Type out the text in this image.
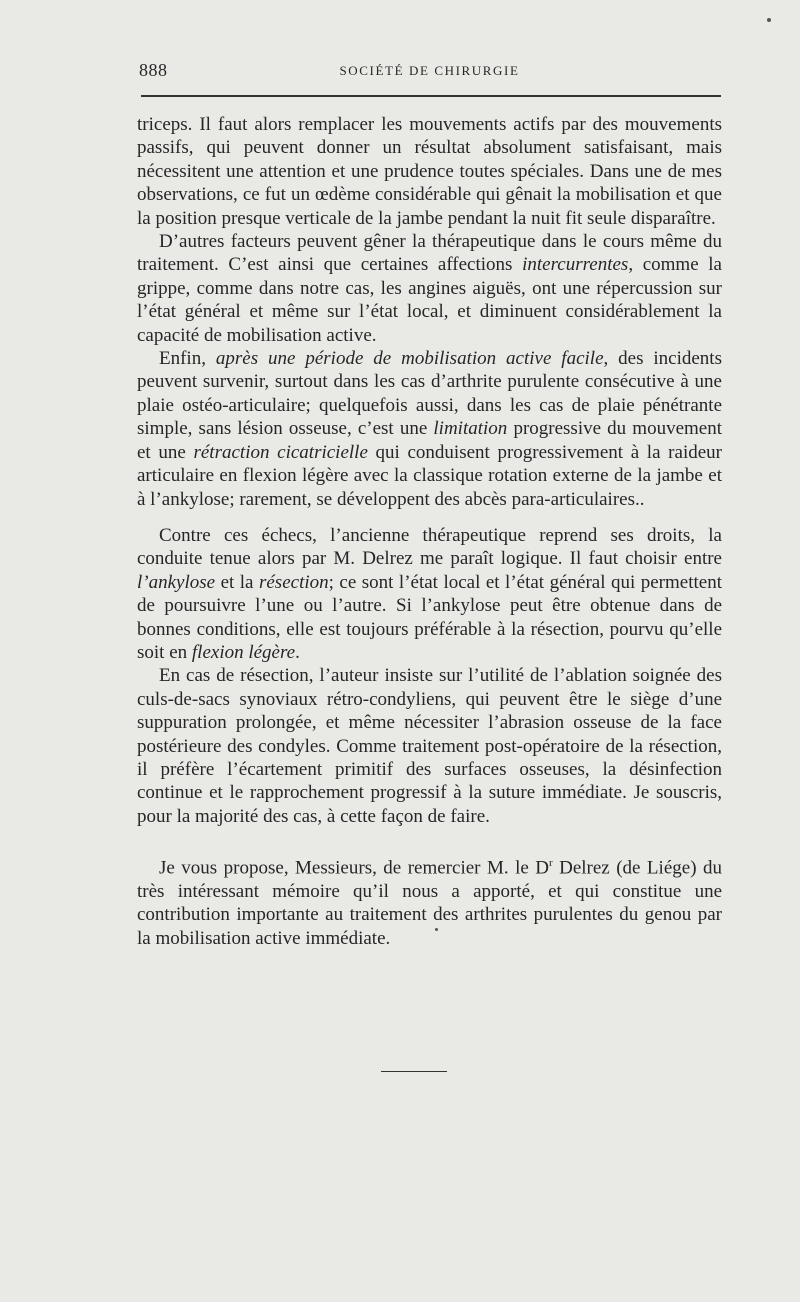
888	SOCIÉTÉ DE CHIRURGIE

triceps. Il faut alors remplacer les mouvements actifs par des mouvements passifs, qui peuvent donner un résultat absolument satisfaisant, mais nécessitent une attention et une prudence toutes spéciales. Dans une de mes observations, ce fut un œdème considérable qui gênait la mobilisation et que la position presque verticale de la jambe pendant la nuit fit seule disparaître.

D’autres facteurs peuvent gêner la thérapeutique dans le cours même du traitement. C’est ainsi que certaines affections intercurrentes, comme la grippe, comme dans notre cas, les angines aiguës, ont une répercussion sur l’état général et même sur l’état local, et diminuent considérablement la capacité de mobilisation active.

Enfin, après une période de mobilisation active facile, des incidents peuvent survenir, surtout dans les cas d’arthrite purulente consécutive à une plaie ostéo-articulaire; quelquefois aussi, dans les cas de plaie pénétrante simple, sans lésion osseuse, c’est une limitation progressive du mouvement et une rétraction cicatricielle qui conduisent progressivement à la raideur articulaire en flexion légère avec la classique rotation externe de la jambe et à l’ankylose; rarement, se développent des abcès para-articulaires..

Contre ces échecs, l’ancienne thérapeutique reprend ses droits, la conduite tenue alors par M. Delrez me paraît logique. Il faut choisir entre l’ankylose et la résection; ce sont l’état local et l’état général qui permettent de poursuivre l’une ou l’autre. Si l’ankylose peut être obtenue dans de bonnes conditions, elle est toujours préférable à la résection, pourvu qu’elle soit en flexion légère.

En cas de résection, l’auteur insiste sur l’utilité de l’ablation soignée des culs-de-sacs synoviaux rétro-condyliens, qui peuvent être le siège d’une suppuration prolongée, et même nécessiter l’abrasion osseuse de la face postérieure des condyles. Comme traitement post-opératoire de la résection, il préfère l’écartement primitif des surfaces osseuses, la désinfection continue et le rapprochement progressif à la suture immédiate. Je souscris, pour la majorité des cas, à cette façon de faire.

Je vous propose, Messieurs, de remercier M. le $D^r$ Delrez (de Liége) du très intéressant mémoire qu’il nous a apporté, et qui constitue une contribution importante au traitement des arthrites purulentes du genou par la mobilisation active immédiate.
